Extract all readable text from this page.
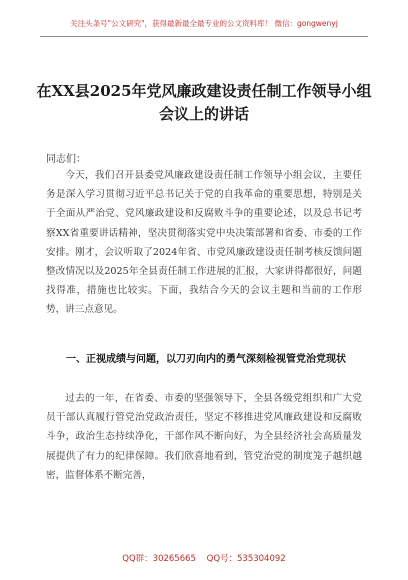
关注头条号"公文研究"，获得最新最全最专业的公文资料库！ 微信：gongwenyj
在XX县2025年党风廉政建设责任制工作领导小组
会议上的讲话
同志们：

今天，我们召开县委党风廉政建设责任制工作领导小组会议，主要任务是深入学习贯彻习近平总书记关于党的自我革命的重要思想，特别是关于全面从严治党、党风廉政建设和反腐败斗争的重要论述，以及总书记考察XX省重要讲话精神，坚决贯彻落实党中央决策部署和省委、市委的工作安排。刚才，会议听取了2024年省、市党风廉政建设责任制考核反馈问题整改情况以及2025年全县责任制工作进展的汇报，大家讲得都很好，问题找得准，措施也比较实。下面，我结合今天的会议主题和当前的工作形势，讲三点意见。

一、正视成绩与问题，以刀刃向内的勇气深刻检视管党治党现状

过去的一年，在省委、市委的坚强领导下，全县各级党组织和广大党员干部认真履行管党治党政治责任，坚定不移推进党风廉政建设和反腐败斗争，政治生态持续净化，干部作风不断向好，为全县经济社会高质量发展提供了有力的纪律保障。我们欣喜地看到，管党治党的制度笼子越织越密，监督体系不断完善，

QQ群：30265665 QQ号：535304092
